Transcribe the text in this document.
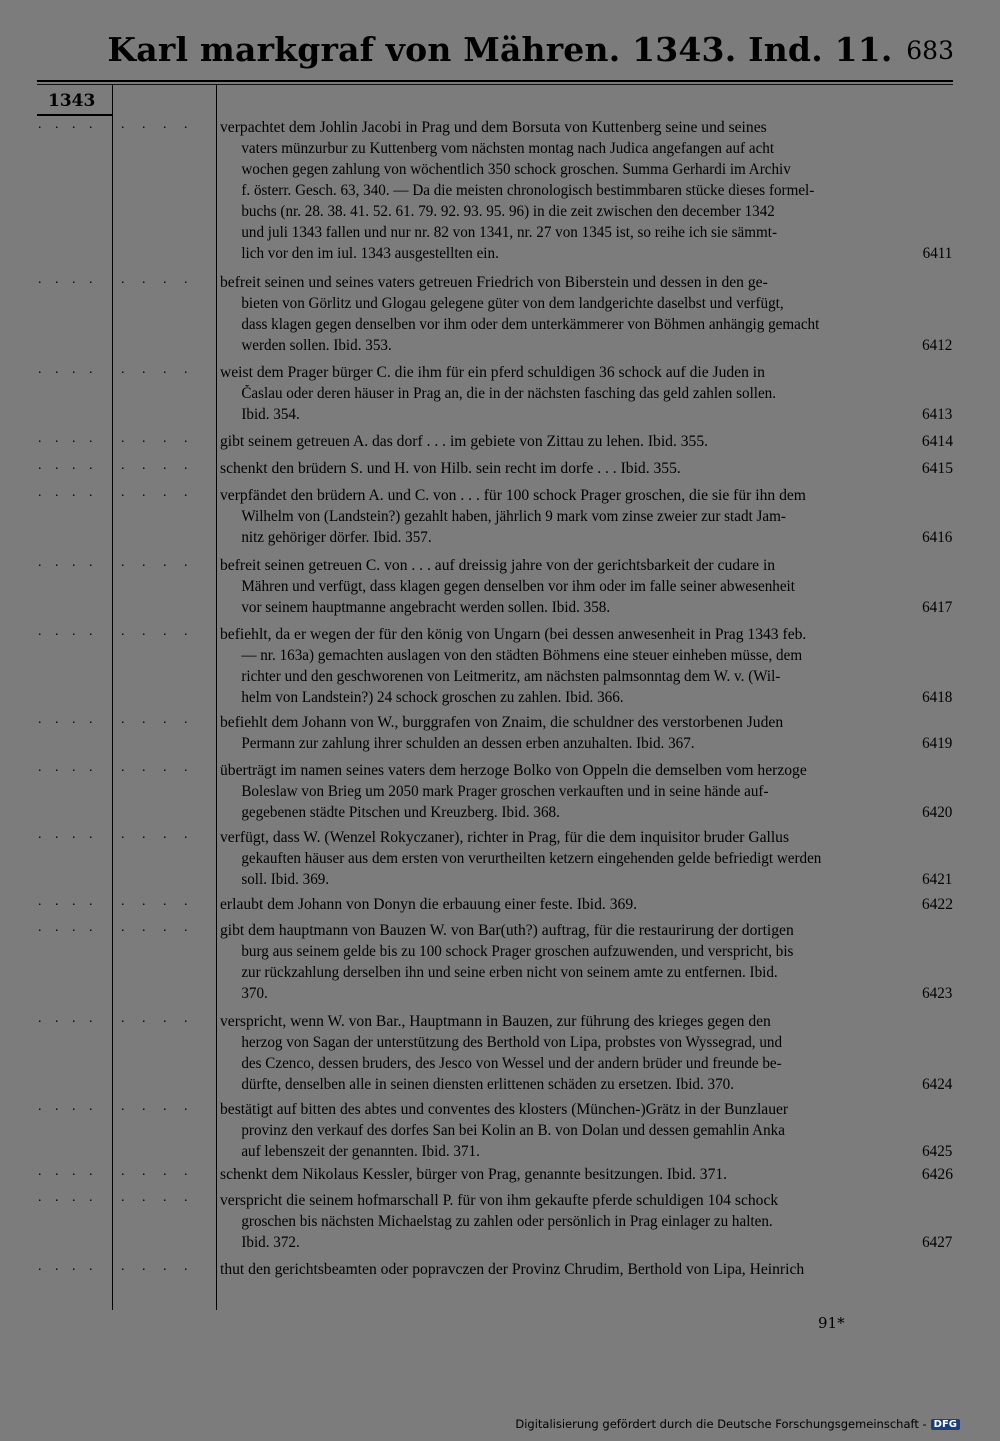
Karl markgraf von Mähren. 1343. Ind. 11. 683
1343
. . . .	. . . .	verpachtet dem Johlin Jacobi in Prag und dem Borsuta von Kuttenberg seine und seines
vaters münzurbur zu Kuttenberg vom nächsten montag nach Judica angefangen auf acht
wochen gegen zahlung von wöchentlich 350 schock groschen. Summa Gerhardi im Archiv
f. österr. Gesch. 63, 340. — Da die meisten chronologisch bestimmbaren stücke dieses formel-
buchs (nr. 28. 38. 41. 52. 61. 79. 92. 93. 95. 96) in die zeit zwischen den december 1342
und juli 1343 fallen und nur nr. 82 von 1341, nr. 27 von 1345 ist, so reihe ich sie sämmt-
lich vor den im iul. 1343 ausgestellten ein.	6411
. . . .	. . . .	befreit seinen und seines vaters getreuen Friedrich von Biberstein und dessen in den ge-
bieten von Görlitz und Glogau gelegene güter von dem landgerichte daselbst und verfügt,
dass klagen gegen denselben vor ihm oder dem unterkämmerer von Böhmen anhängig gemacht
werden sollen. Ibid. 353.	6412
. . . .	. . . .	weist dem Prager bürger C. die ihm für ein pferd schuldigen 36 schock auf die Juden in
Časlau oder deren häuser in Prag an, die in der nächsten fasching das geld zahlen sollen.
Ibid. 354.	6413
. . . .	. . . .	gibt seinem getreuen A. das dorf . . . im gebiete von Zittau zu lehen. Ibid. 355.	6414
. . . .	. . . .	schenkt den brüdern S. und H. von Hilb. sein recht im dorfe . . . Ibid. 355.	6415
. . . .	. . . .	verpfändet den brüdern A. und C. von . . . für 100 schock Prager groschen, die sie für ihn dem
Wilhelm von (Landstein?) gezahlt haben, jährlich 9 mark vom zinse zweier zur stadt Jam-
nitz gehöriger dörfer. Ibid. 357.	6416
. . . .	. . . .	befreit seinen getreuen C. von . . . auf dreissig jahre von der gerichtsbarkeit der cudare in
Mähren und verfügt, dass klagen gegen denselben vor ihm oder im falle seiner abwesenheit
vor seinem hauptmanne angebracht werden sollen. Ibid. 358.	6417
. . . .	. . . .	befiehlt, da er wegen der für den könig von Ungarn (bei dessen anwesenheit in Prag 1343 feb.
— nr. 163a) gemachten auslagen von den städten Böhmens eine steuer einheben müsse, dem
richter und den geschworenen von Leitmeritz, am nächsten palmsonntag dem W. v. (Wil-
helm von Landstein?) 24 schock groschen zu zahlen. Ibid. 366.	6418
. . . .	. . . .	befiehlt dem Johann von W., burggrafen von Znaim, die schuldner des verstorbenen Juden
Permann zur zahlung ihrer schulden an dessen erben anzuhalten. Ibid. 367.	6419
. . . .	. . . .	überträgt im namen seines vaters dem herzoge Bolko von Oppeln die demselben vom herzoge
Boleslaw von Brieg um 2050 mark Prager groschen verkauften und in seine hände auf-
gegebenen städte Pitschen und Kreuzberg. Ibid. 368.	6420
. . . .	. . . .	verfügt, dass W. (Wenzel Rokyczaner), richter in Prag, für die dem inquisitor bruder Gallus
gekauften häuser aus dem ersten von verurtheilten ketzern eingehenden gelde befriedigt werden
soll. Ibid. 369.	6421
. . . .	. . . .	erlaubt dem Johann von Donyn die erbauung einer feste. Ibid. 369.	6422
. . . .	. . . .	gibt dem hauptmann von Bauzen W. von Bar(uth?) auftrag, für die restaurirung der dortigen
burg aus seinem gelde bis zu 100 schock Prager groschen aufzuwenden, und verspricht, bis
zur rückzahlung derselben ihn und seine erben nicht von seinem amte zu entfernen. Ibid.
370.	6423
. . . .	. . . .	verspricht, wenn W. von Bar., Hauptmann in Bauzen, zur führung des krieges gegen den
herzog von Sagan der unterstützung des Berthold von Lipa, probstes von Wyssegrad, und
des Czenco, dessen bruders, des Jesco von Wessel und der andern brüder und freunde be-
dürfte, denselben alle in seinen diensten erlittenen schäden zu ersetzen. Ibid. 370.	6424
. . . .	. . . .	bestätigt auf bitten des abtes und conventes des klosters (München-)Grätz in der Bunzlauer
provinz den verkauf des dorfes San bei Kolin an B. von Dolan und dessen gemahlin Anka
auf lebenszeit der genannten. Ibid. 371.	6425
. . . .	. . . .	schenkt dem Nikolaus Kessler, bürger von Prag, genannte besitzungen. Ibid. 371.	6426
. . . .	. . . .	verspricht die seinem hofmarschall P. für von ihm gekaufte pferde schuldigen 104 schock
groschen bis nächsten Michaelstag zu zahlen oder persönlich in Prag einlager zu halten.
Ibid. 372.	6427
. . . .	. . . .	thut den gerichtsbeamten oder popravczen der Provinz Chrudim, Berthold von Lipa, Heinrich
91*
Digitalisierung gefördert durch die Deutsche Forschungsgemeinschaft - DFG
